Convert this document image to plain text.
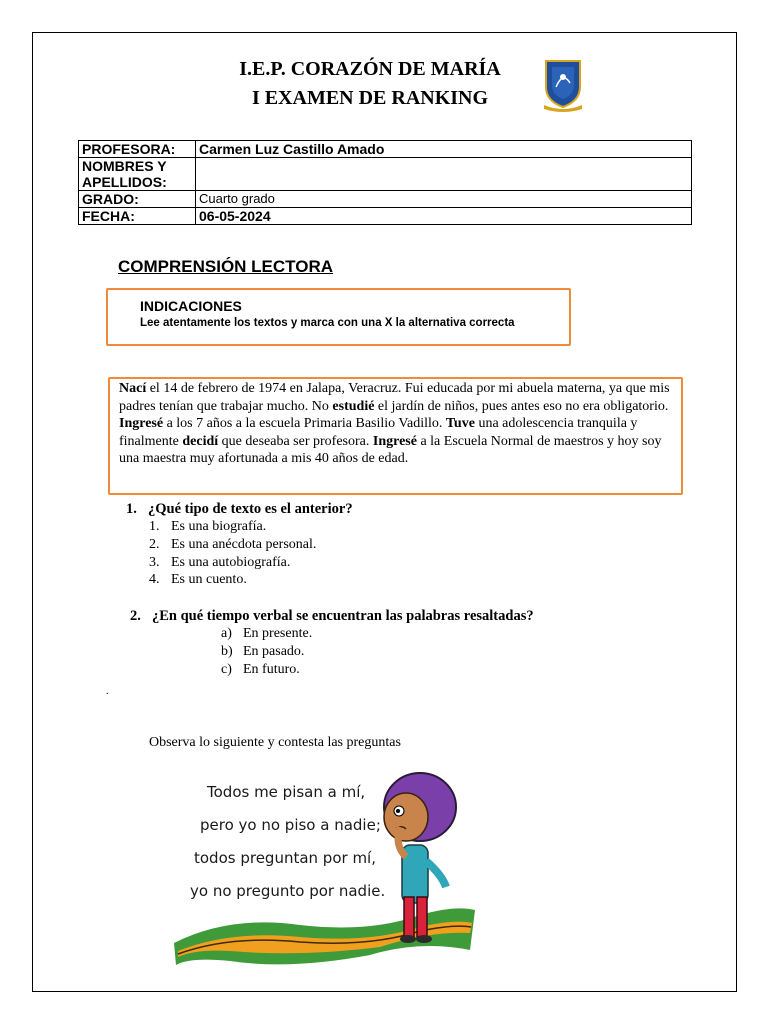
I.E.P. CORAZÓN DE MARÍA
I EXAMEN DE RANKING
PROFESORA:	Carmen Luz Castillo Amado
NOMBRES Y APELLIDOS:	
GRADO:	Cuarto grado
FECHA:	06-05-2024
COMPRENSIÓN LECTORA
INDICACIONES
Lee atentamente los textos y marca con una X la alternativa correcta
Nací el 14 de febrero de 1974 en Jalapa, Veracruz. Fui educada por mi abuela materna, ya que mis padres tenían que trabajar mucho. No estudié el jardín de niños, pues antes eso no era obligatorio. Ingresé a los 7 años a la escuela Primaria Basilio Vadillo. Tuve una adolescencia tranquila y finalmente decidí que deseaba ser profesora. Ingresé a la Escuela Normal de maestros y hoy soy una maestra muy afortunada a mis 40 años de edad.
1. ¿Qué tipo de texto es el anterior?
1. Es una biografía.
2. Es una anécdota personal.
3. Es una autobiografía.
4. Es un cuento.
2. ¿En qué tiempo verbal se encuentran las palabras resaltadas?
a) En presente.
b) En pasado.
c) En futuro.
.
Observa lo siguiente y contesta las preguntas
Todos me pisan a mí,
pero yo no piso a nadie;
todos preguntan por mí,
yo no pregunto por nadie.
